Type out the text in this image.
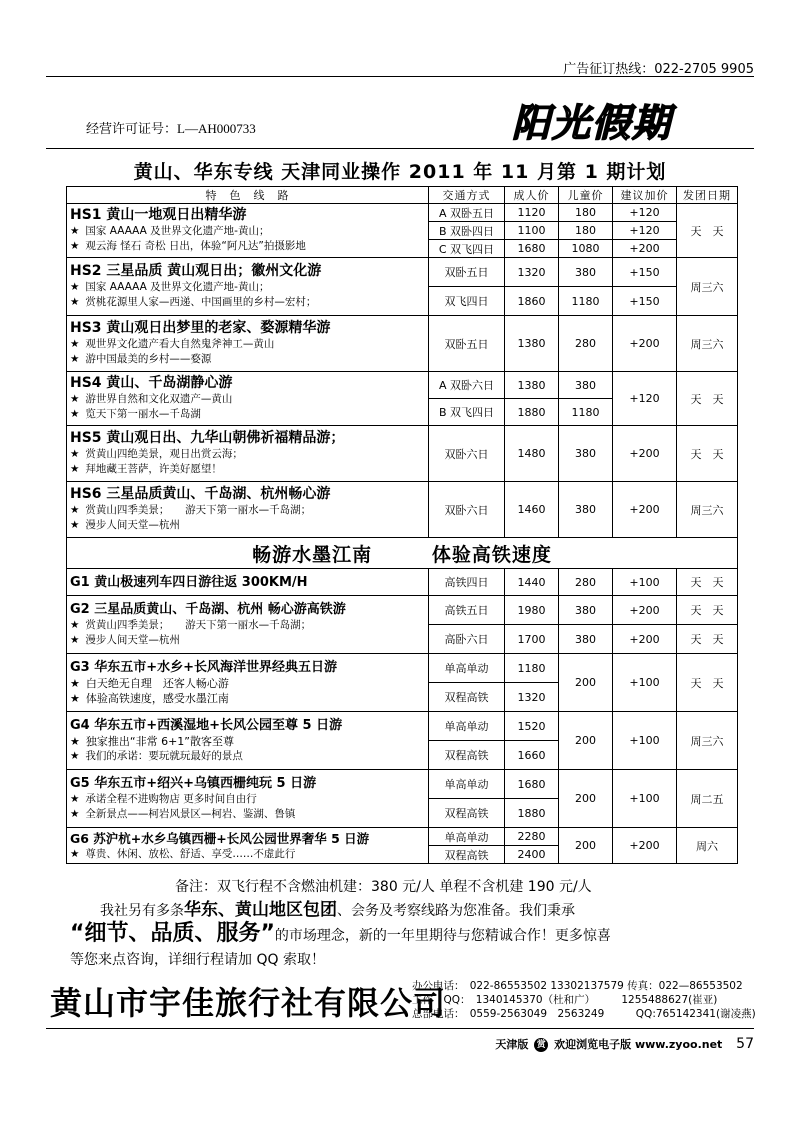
广告征订热线：022-2705 9905
经营许可证号：L—AH000733	阳光假期
黄山、华东专线 天津同业操作 2011 年 11 月第 1 期计划
特　色　线　路	交通方式	成人价	儿童价	建议加价	发团日期

HS1 黄山一地观日出精华游
★ 国家 AAAAA 及世界文化遗产地-黄山；
★ 观云海 怪石 奇松 日出，体验“阿凡达”拍摄影地	A 双卧五日	1120	180	+120	天　天
	B 双卧四日	1100	180	+120	
	C 双飞四日	1680	1080	+200	

HS2 三星品质 黄山观日出；徽州文化游
★ 国家 AAAAA 及世界文化遗产地-黄山；
★ 赏桃花源里人家—西递、中国画里的乡村—宏村；	双卧五日	1320	380	+150	周三六
	双飞四日	1860	1180	+150	

HS3 黄山观日出梦里的老家、婺源精华游
★ 观世界文化遗产看大自然鬼斧神工—黄山
★ 游中国最美的乡村——婺源	双卧五日	1380	280	+200	周三六

HS4 黄山、千岛湖静心游
★ 游世界自然和文化双遗产—黄山
★ 览天下第一丽水—千岛湖	A 双卧六日	1380	380	+120	天　天
	B 双飞四日	1880	1180		

HS5 黄山观日出、九华山朝佛祈福精品游；
★ 赏黄山四绝美景，观日出赏云海；
★ 拜地藏王菩萨，许美好愿望！	双卧六日	1480	380	+200	天　天

HS6 三星品质黄山、千岛湖、杭州畅心游
★ 赏黄山四季美景；　　游天下第一丽水—千岛湖；
★ 漫步人间天堂—杭州	双卧六日	1460	380	+200	周三六
畅游水墨江南 体验高铁速度					

G1 黄山极速列车四日游往返 300KM/H	高铁四日	1440	280	+100	天　天

G2 三星品质黄山、千岛湖、杭州 畅心游高铁游
★ 赏黄山四季美景；　　游天下第一丽水—千岛湖；
★ 漫步人间天堂—杭州	高铁五日	1980	380	+200	天　天
	高卧六日	1700	380	+200	天　天

G3 华东五市+水乡+长风海洋世界经典五日游
★ 白天绝无自理　还客人畅心游
★ 体验高铁速度，感受水墨江南	单高单动	1180	200	+100	天　天
	双程高铁	1320			

G4 华东五市+西溪湿地+长风公园至尊 5 日游
★ 独家推出“非常 6+1”散客至尊
★ 我们的承诺：要玩就玩最好的景点	单高单动	1520	200	+100	周三六
	双程高铁	1660			

G5 华东五市+绍兴+乌镇西栅纯玩 5 日游
★ 承诺全程不进购物店 更多时间自由行
★ 全新景点——柯岩风景区—柯岩、鉴湖、鲁镇	单高单动	1680	200	+100	周二五
	双程高铁	1880			

G6 苏沪杭+水乡乌镇西栅+长风公园世界奢华 5 日游
★ 尊贵、休闲、放松、舒适、享受……不虚此行	单高单动	2280	200	+200	周六
	双程高铁	2400			
备注：双飞行程不含燃油机建：380 元/人 单程不含机建 190 元/人
我社另有多条华东、黄山地区包团、会务及考察线路为您准备。我们秉承
“细节、品质、服务”的市场理念，新的一年里期待与您精诚合作！更多惊喜
等您来点咨询，详细行程请加 QQ 索取！
黄山市宇佳旅行社有限公司
办公电话：　022-86553502 13302137579 传真：022—86553502
工作　QQ：　1340145370（杜和广）　　　1255488627(崔亚)
总部电话：　0559-2563049　2563249　　　QQ:765142341(谢凌燕)
天津版 赏 欢迎浏览电子版 www.zyoo.net 57
